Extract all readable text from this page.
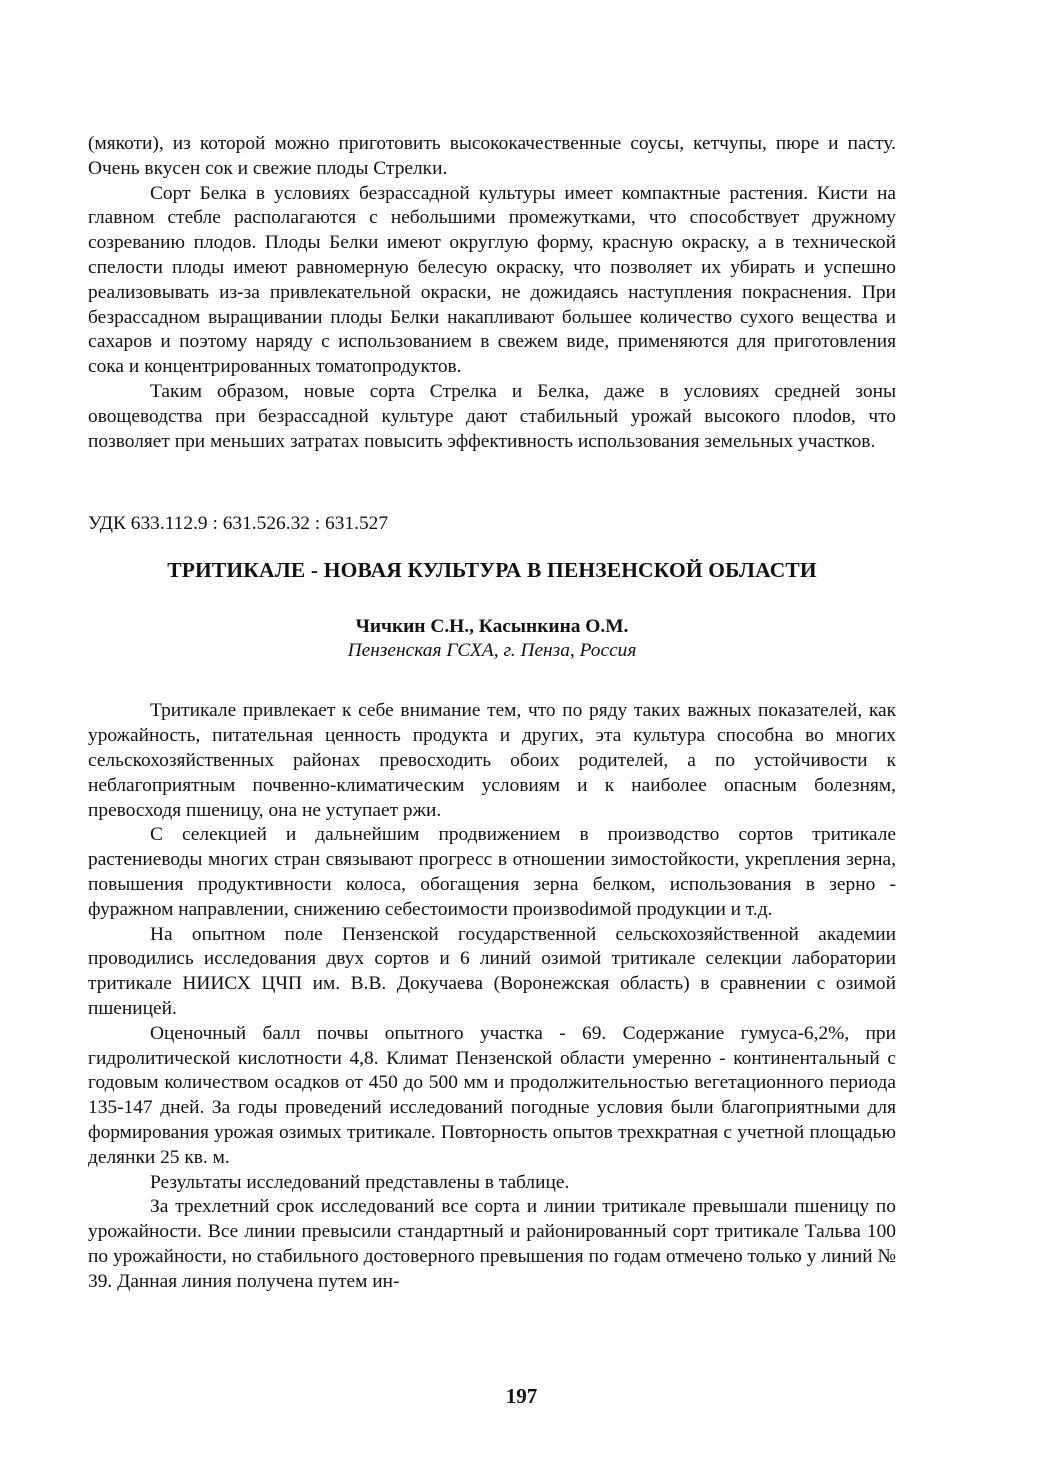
(мякоти), из которой можно приготовить высококачественные соусы, кетчупы, пюре и пасту. Очень вкусен сок и свежие плоды Стрелки.

Сорт Белка в условиях безрассадной культуры имеет компактные растения. Кисти на главном стебле располагаются с небольшими промежутками, что способствует дружному созреванию плодов. Плоды Белки имеют округлую форму, красную окраску, а в технической спелости плоды имеют равномерную белесую окраску, что позволяет их убирать и успешно реализовывать из-за привлекательной окраски, не дожидаясь наступления покраснения. При безрассадном выращивании плоды Белки накапливают большее количество сухого вещества и сахаров и поэтому наряду с использованием в свежем виде, применяются для приготовления сока и концентрированных томатопродуктов.

Таким образом, новые сорта Стрелка и Белка, даже в условиях средней зоны овощеводства при безрассадной культуре дают стабильный урожай высокого плоdов, что позволяет при меньших затратах повысить эффективность использования земельных участков.

УДК 633.112.9 : 631.526.32 : 631.527

ТРИТИКАЛЕ - НОВАЯ КУЛЬТУРА В ПЕНЗЕНСКОЙ ОБЛАСТИ

Чичкин С.Н., Касынкина О.М.

Пензенская ГСХА, г. Пенза, Россия

Тритикале привлекает к себе внимание тем, что по ряду таких важных показателей, как урожайность, питательная ценность продукта и других, эта культура способна во многих сельскохозяйственных районах превосходить обоих родителей, а по устойчивости к неблагоприятным почвенно-климатическим условиям и к наиболее опасным болезням, превосходя пшеницу, она не уступает ржи.

С селекцией и дальнейшим продвижением в производство сортов тритикале растениеводы многих стран связывают прогресс в отношении зимостойкости, укрепления зерна, повышения продуктивности колоса, обогащения зерна белком, использования в зерно - фуражном направлении, снижению себестоимости произвоdимой продукции и т.д.

На опытном поле Пензенской государственной сельскохозяйственной академии проводились исследования двух сортов и 6 линий озимой тритикале селекции лаборатории тритикале НИИСХ ЦЧП им. В.В. Докучаева (Воронежская область) в сравнении с озимой пшеницей.

Оценочный балл почвы опытного участка - 69. Содержание гумуса-6,2%, при гидролитической кислотности 4,8. Климат Пензенской области умеренно - континентальный с годовым количеством осадков от 450 до 500 мм и продолжительностью вегетационного периода 135-147 дней. За годы проведений исследований погодные условия были благоприятными для формирования урожая озимых тритикале. Повторность опытов трехкратная с учетной площадью делянки 25 кв. м.

Результаты исследований представлены в таблице.

За трехлетний срок исследований все сорта и линии тритикале превышали пшеницу по урожайности. Все линии превысили стандартный и районированный сорт тритикале Тальва 100 по урожайности, но стабильного достоверного превышения по годам отмечено только у линий № 39. Данная линия получена путем ин-

197
